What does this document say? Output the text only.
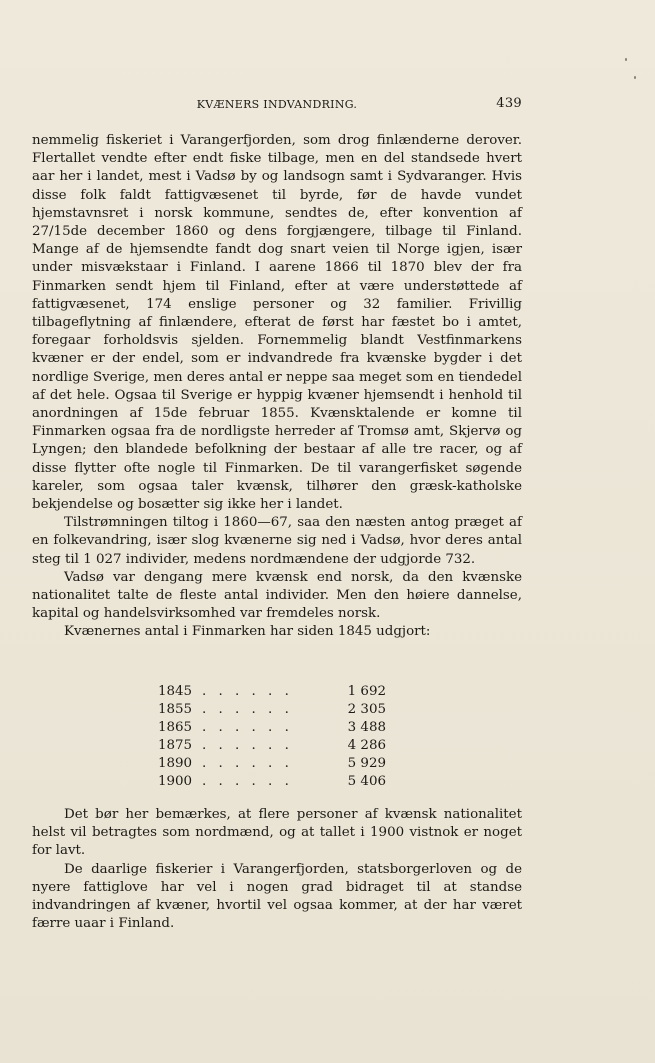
KVÆNERS INDVANDRING.	439

nemmelig fiskeriet i Varangerfjorden, som drog finlænderne derover. Flertallet vendte efter endt fiske tilbage, men en del standsede hvert aar her i landet, mest i Vadsø by og landsogn samt i Sydvaranger. Hvis disse folk faldt fattigvæsenet til byrde, før de havde vundet hjemstavnsret i norsk kommune, sendtes de, efter konvention af 27/15de december 1860 og dens forgjængere, tilbage til Finland. Mange af de hjemsendte fandt dog snart veien til Norge igjen, især under misvækstaar i Finland. I aarene 1866 til 1870 blev der fra Finmarken sendt hjem til Finland, efter at være understøttede af fattigvæsenet, 174 enslige personer og 32 familier. Frivillig tilbageflytning af finlændere, efterat de først har fæstet bo i amtet, foregaar forholdsvis sjelden. Fornemmelig blandt Vestfinmarkens kvæner er der endel, som er indvandrede fra kvænske bygder i det nordlige Sverige, men deres antal er neppe saa meget som en tiendedel af det hele. Ogsaa til Sverige er hyppig kvæner hjemsendt i henhold til anordningen af 15de februar 1855. Kvænsktalende er komne til Finmarken ogsaa fra de nordligste herreder af Tromsø amt, Skjervø og Lyngen; den blandede befolkning der bestaar af alle tre racer, og af disse flytter ofte nogle til Finmarken. De til varangerfisket søgende kareler, som ogsaa taler kvænsk, tilhører den græsk-katholske bekjendelse og bosætter sig ikke her i landet.

Tilstrømningen tiltog i 1860—67, saa den næsten antog præget af en folkevandring, især slog kvænerne sig ned i Vadsø, hvor deres antal steg til 1 027 individer, medens nordmændene der udgjorde 732.

Vadsø var dengang mere kvænsk end norsk, da den kvænske nationalitet talte de fleste antal individer. Men den høiere dannelse, kapital og handelsvirksomhed var fremdeles norsk.

Kvænernes antal i Finmarken har siden 1845 udgjort:

1845	. . . . . .	1 692
1855	. . . . . .	2 305
1865	. . . . . .	3 488
1875	. . . . . .	4 286
1890	. . . . . .	5 929
1900	. . . . . .	5 406

Det bør her bemærkes, at flere personer af kvænsk nationalitet helst vil betragtes som nordmænd, og at tallet i 1900 vistnok er noget for lavt.

De daarlige fiskerier i Varangerfjorden, statsborgerloven og de nyere fattiglove har vel i nogen grad bidraget til at standse indvandringen af kvæner, hvortil vel ogsaa kommer, at der har været færre uaar i Finland.
